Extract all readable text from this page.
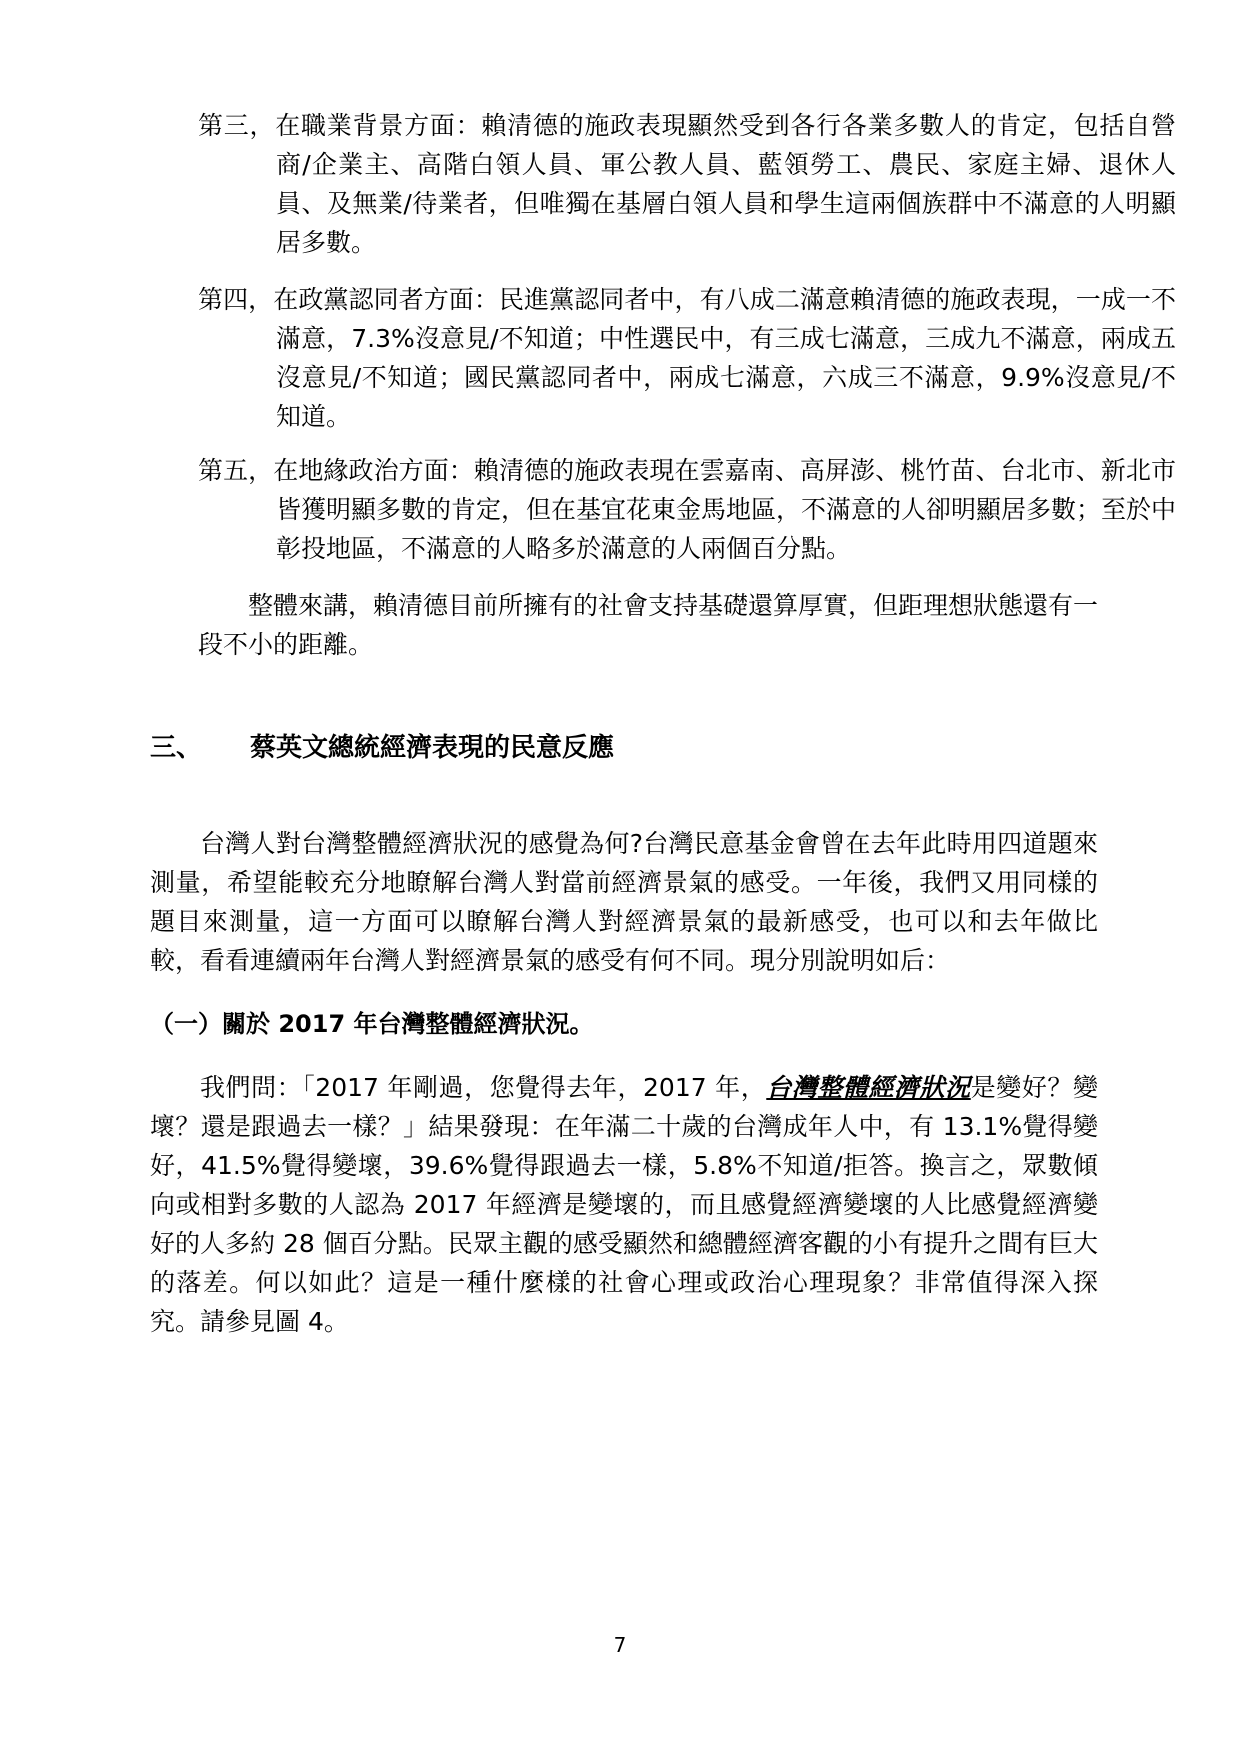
第三，在職業背景方面：賴清德的施政表現顯然受到各行各業多數人的肯定，包括自營商/企業主、高階白領人員、軍公教人員、藍領勞工、農民、家庭主婦、退休人員、及無業/待業者，但唯獨在基層白領人員和學生這兩個族群中不滿意的人明顯居多數。

第四，在政黨認同者方面：民進黨認同者中，有八成二滿意賴清德的施政表現，一成一不滿意，7.3%沒意見/不知道；中性選民中，有三成七滿意，三成九不滿意，兩成五沒意見/不知道；國民黨認同者中，兩成七滿意，六成三不滿意，9.9%沒意見/不知道。

第五，在地緣政治方面：賴清德的施政表現在雲嘉南、高屏澎、桃竹苗、台北市、新北市皆獲明顯多數的肯定，但在基宜花東金馬地區，不滿意的人卻明顯居多數；至於中彰投地區，不滿意的人略多於滿意的人兩個百分點。

整體來講，賴清德目前所擁有的社會支持基礎還算厚實，但距理想狀態還有一段不小的距離。

三、 蔡英文總統經濟表現的民意反應

台灣人對台灣整體經濟狀況的感覺為何?台灣民意基金會曾在去年此時用四道題來測量，希望能較充分地瞭解台灣人對當前經濟景氣的感受。一年後，我們又用同樣的題目來測量，這一方面可以瞭解台灣人對經濟景氣的最新感受，也可以和去年做比較，看看連續兩年台灣人對經濟景氣的感受有何不同。現分別說明如后：

（一）關於 2017 年台灣整體經濟狀況。

我們問：「2017 年剛過，您覺得去年，2017 年，台灣整體經濟狀況是變好？變壞？還是跟過去一樣？」結果發現：在年滿二十歲的台灣成年人中，有 13.1%覺得變好，41.5%覺得變壞，39.6%覺得跟過去一樣，5.8%不知道/拒答。換言之，眾數傾向或相對多數的人認為 2017 年經濟是變壞的，而且感覺經濟變壞的人比感覺經濟變好的人多約 28 個百分點。民眾主觀的感受顯然和總體經濟客觀的小有提升之間有巨大的落差。何以如此？這是一種什麼樣的社會心理或政治心理現象？非常值得深入探究。請參見圖 4。

7
